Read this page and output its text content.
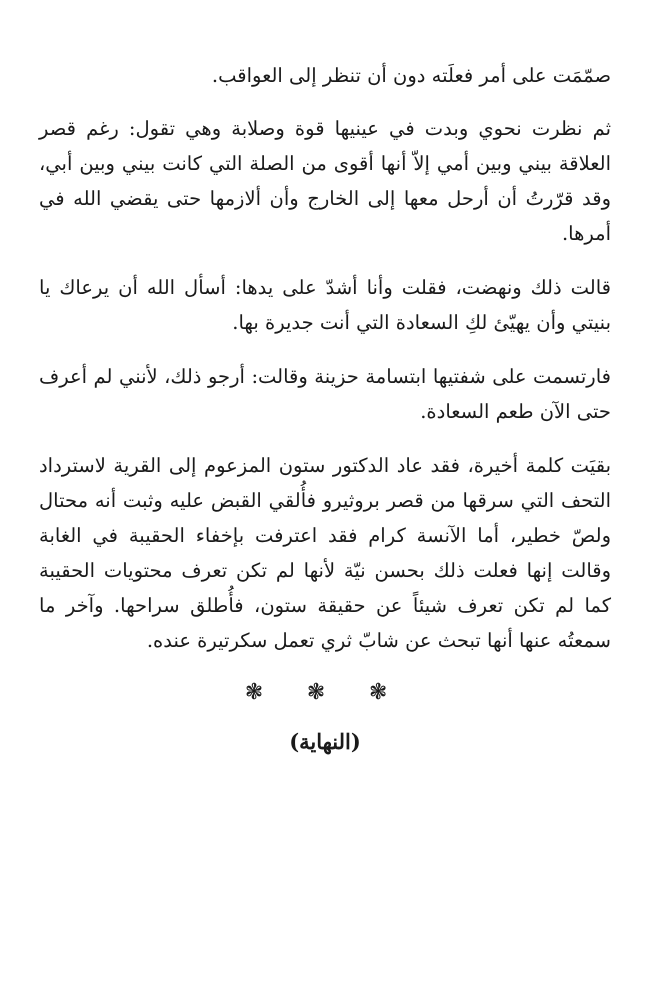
صمّمَت على أمر فعلَته دون أن تنظر إلى العواقب.

ثم نظرت نحوي وبدت في عينيها قوة وصلابة وهي تقول: رغم قصر العلاقة بيني وبين أمي إلاّ أنها أقوى من الصلة التي كانت بيني وبين أبي، وقد قرّرتُ أن أرحل معها إلى الخارج وأن ألازمها حتى يقضي الله في أمرها.

قالت ذلك ونهضت، فقلت وأنا أشدّ على يدها: أسأل الله أن يرعاك يا بنيتي وأن يهيّئ لكِ السعادة التي أنت جديرة بها.

فارتسمت على شفتيها ابتسامة حزينة وقالت: أرجو ذلك، لأنني لم أعرف حتى الآن طعم السعادة.

بقيَت كلمة أخيرة، فقد عاد الدكتور ستون المزعوم إلى القرية لاسترداد التحف التي سرقها من قصر بروثيرو فأُلقي القبض عليه وثبت أنه محتال ولصّ خطير، أما الآنسة كرام فقد اعترفت بإخفاء الحقيبة في الغابة وقالت إنها فعلت ذلك بحسن نيّة لأنها لم تكن تعرف محتويات الحقيبة كما لم تكن تعرف شيئاً عن حقيقة ستون، فأُطلق سراحها. وآخر ما سمعتُه عنها أنها تبحث عن شابّ ثري تعمل سكرتيرة عنده.

❃ ❃ ❃
(النهاية)
